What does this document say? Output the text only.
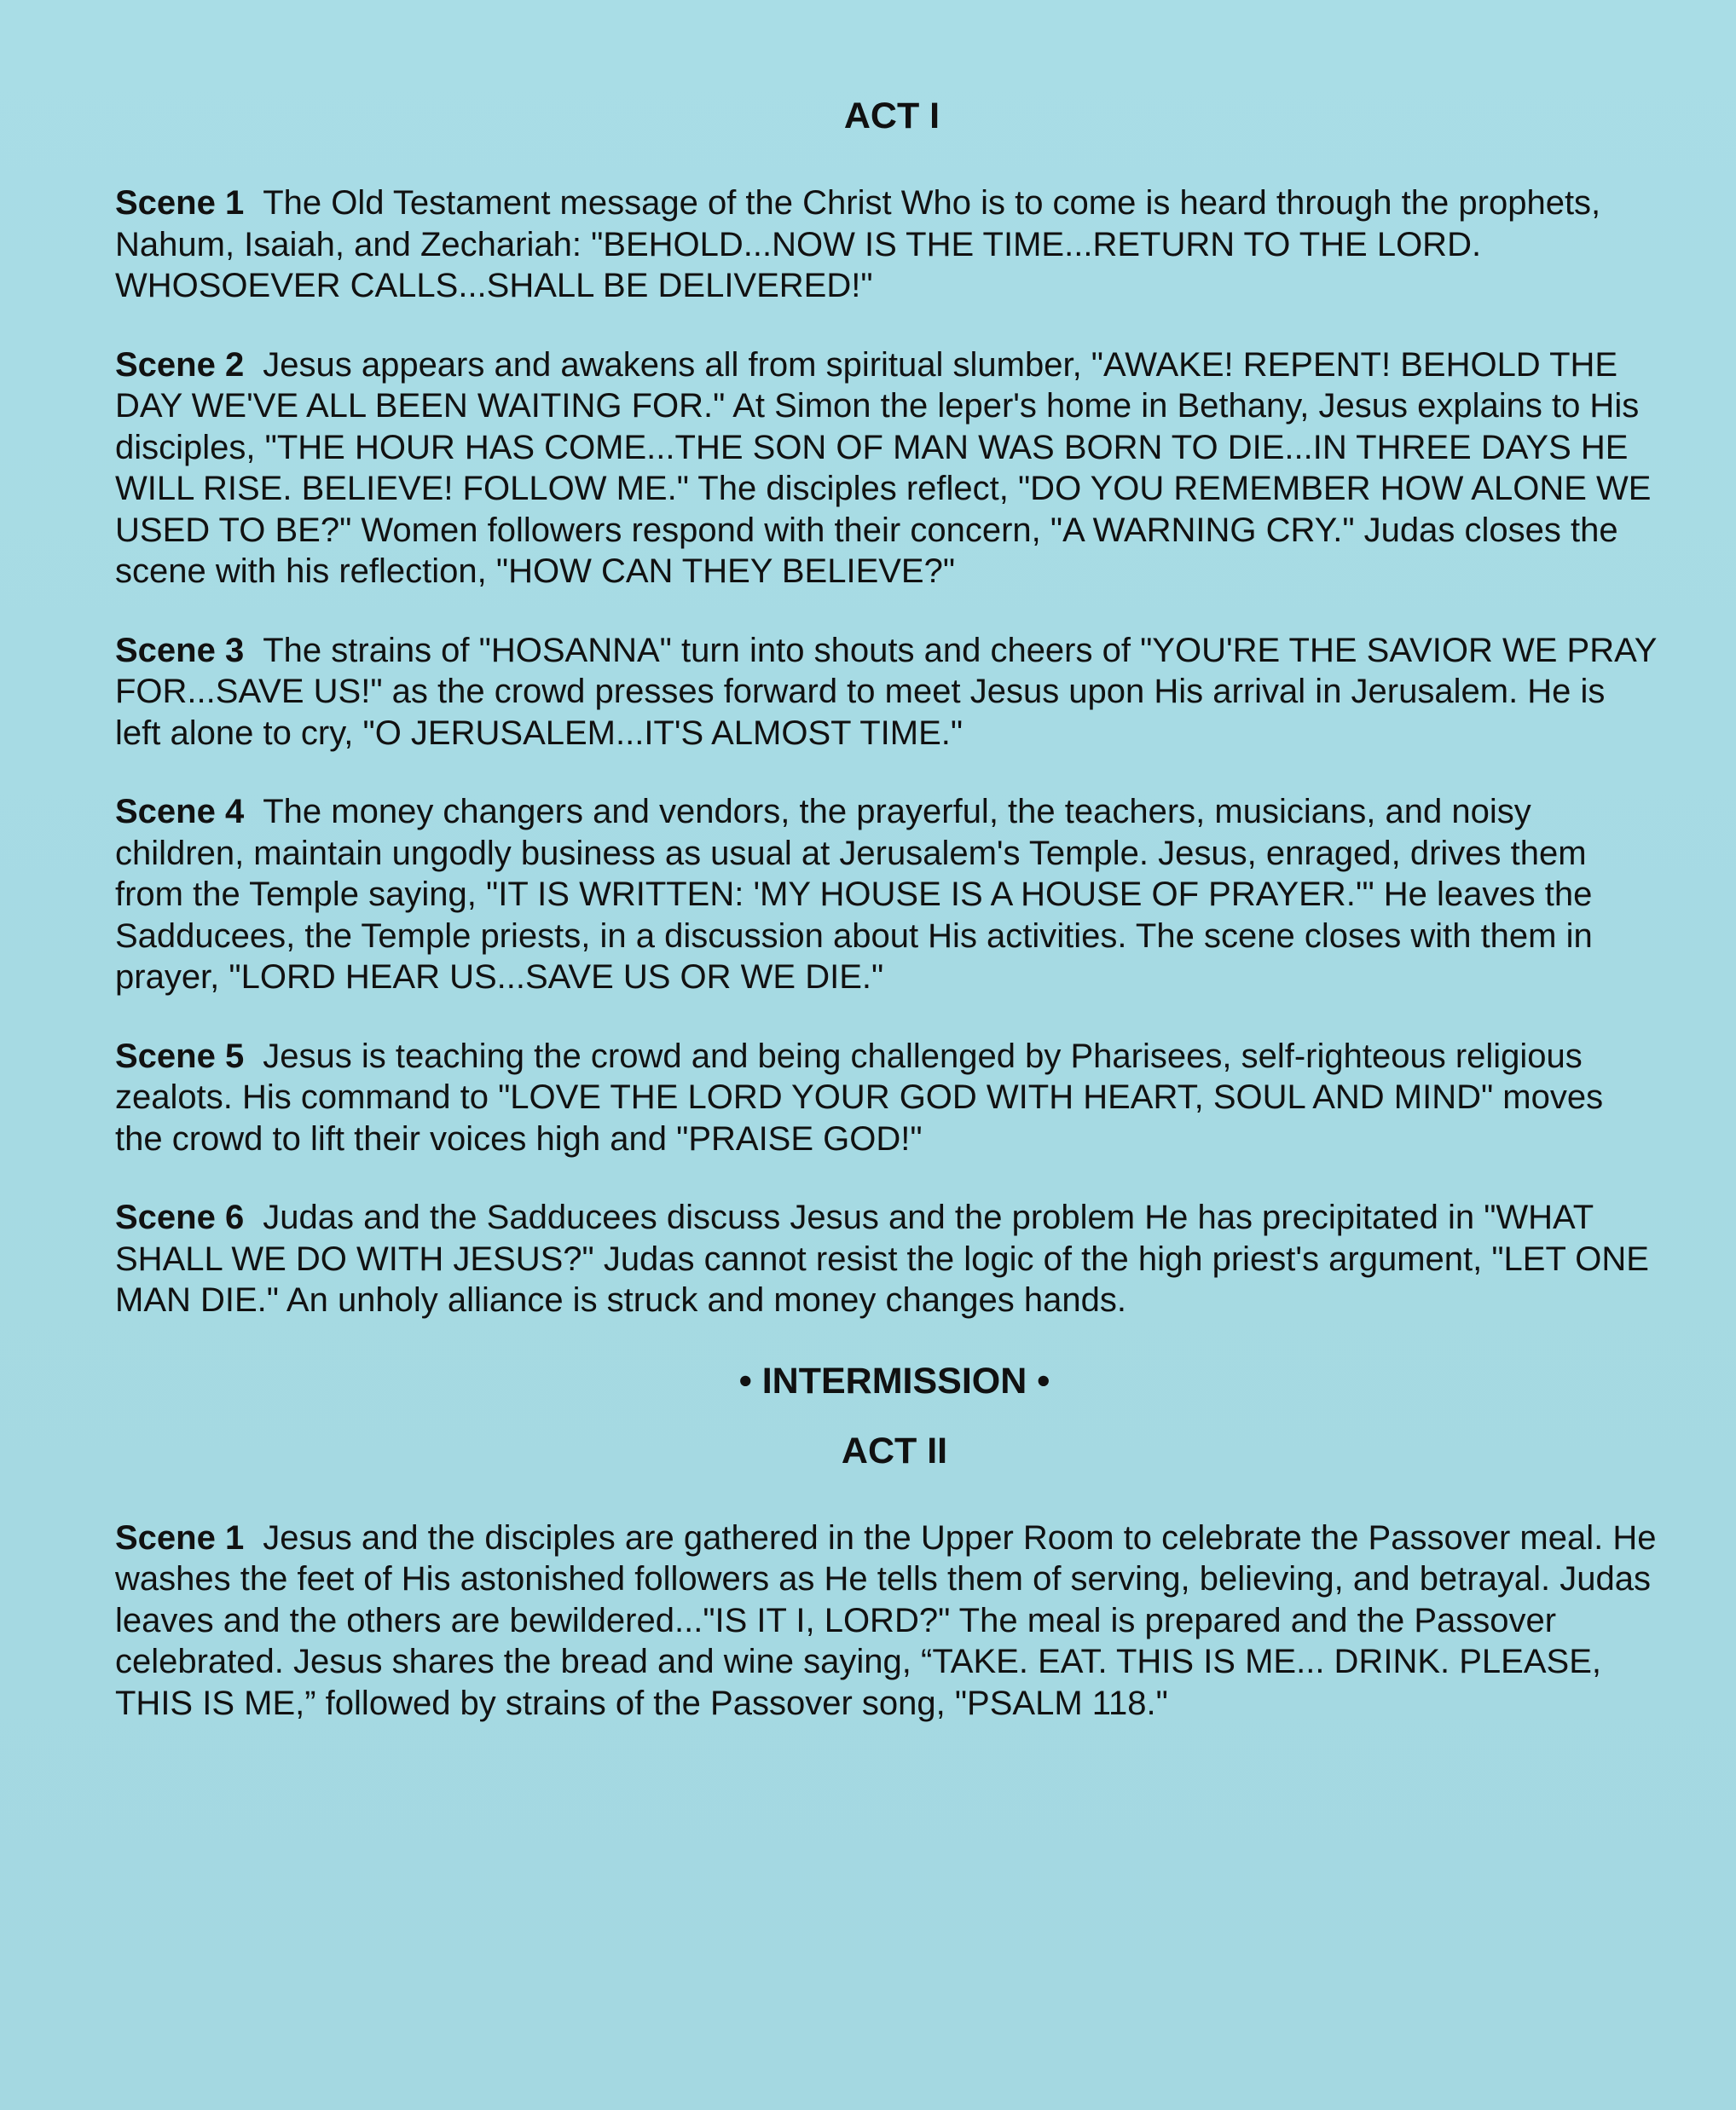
ACT I

Scene 1 The Old Testament message of the Christ Who is to come is heard through the prophets, Nahum, Isaiah, and Zechariah: "BEHOLD...NOW IS THE TIME...RETURN TO THE LORD. WHOSOEVER CALLS...SHALL BE DELIVERED!"

Scene 2 Jesus appears and awakens all from spiritual slumber, "AWAKE! REPENT! BEHOLD THE DAY WE'VE ALL BEEN WAITING FOR." At Simon the leper's home in Bethany, Jesus explains to His disciples, "THE HOUR HAS COME...THE SON OF MAN WAS BORN TO DIE...IN THREE DAYS HE WILL RISE. BELIEVE! FOLLOW ME." The disciples reflect, "DO YOU REMEMBER HOW ALONE WE USED TO BE?" Women followers respond with their concern, "A WARNING CRY." Judas closes the scene with his reflection, "HOW CAN THEY BELIEVE?"

Scene 3 The strains of "HOSANNA" turn into shouts and cheers of "YOU'RE THE SAVIOR WE PRAY FOR...SAVE US!" as the crowd presses forward to meet Jesus upon His arrival in Jerusalem. He is left alone to cry, "O JERUSALEM...IT'S ALMOST TIME."

Scene 4 The money changers and vendors, the prayerful, the teachers, musicians, and noisy children, maintain ungodly business as usual at Jerusalem's Temple. Jesus, enraged, drives them from the Temple saying, "IT IS WRITTEN: 'MY HOUSE IS A HOUSE OF PRAYER.'" He leaves the Sadducees, the Temple priests, in a discussion about His activities. The scene closes with them in prayer, "LORD HEAR US...SAVE US OR WE DIE."

Scene 5 Jesus is teaching the crowd and being challenged by Pharisees, self-righteous religious zealots. His command to "LOVE THE LORD YOUR GOD WITH HEART, SOUL AND MIND" moves the crowd to lift their voices high and "PRAISE GOD!"

Scene 6 Judas and the Sadducees discuss Jesus and the problem He has precipitated in "WHAT SHALL WE DO WITH JESUS?" Judas cannot resist the logic of the high priest's argument, "LET ONE MAN DIE." An unholy alliance is struck and money changes hands.

• INTERMISSION •
ACT II

Scene 1 Jesus and the disciples are gathered in the Upper Room to celebrate the Passover meal. He washes the feet of His astonished followers as He tells them of serving, believing, and betrayal. Judas leaves and the others are bewildered..."IS IT I, LORD?" The meal is prepared and the Passover celebrated. Jesus shares the bread and wine saying, “TAKE. EAT. THIS IS ME... DRINK. PLEASE, THIS IS ME,” followed by strains of the Passover song, "PSALM 118."
